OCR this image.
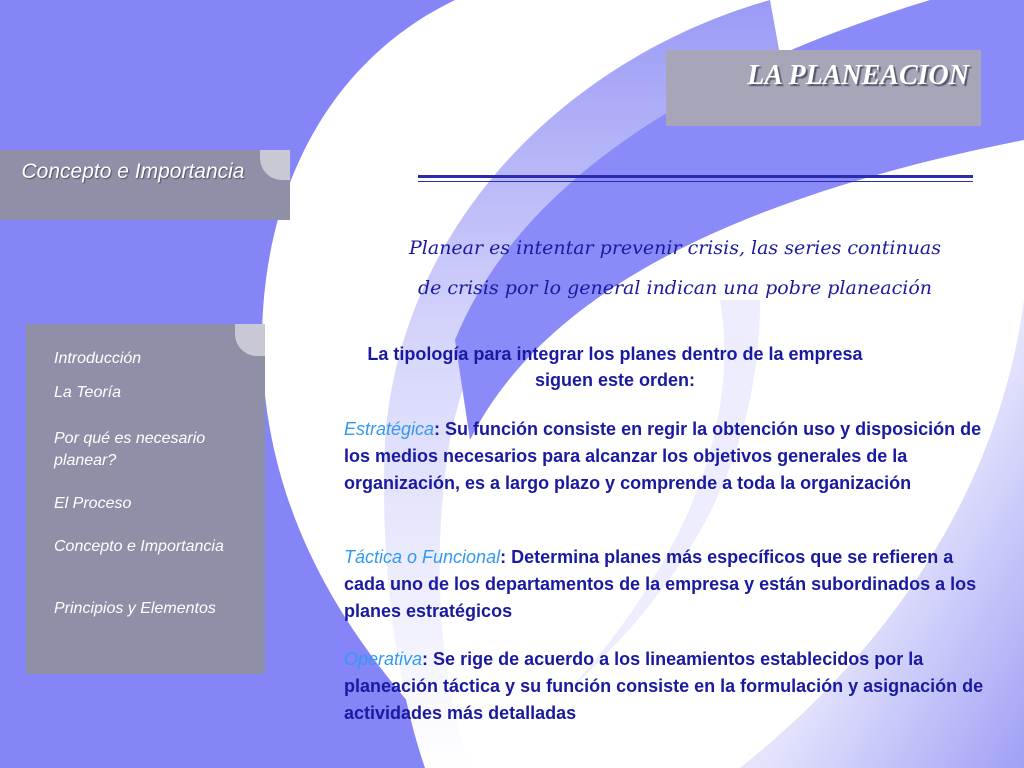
LA PLANEACION
Concepto e Importancia
Planear es intentar prevenir crisis, las series continuas
de crisis por lo general indican una pobre planeación
Introducción
La Teoría
Por qué es necesario planear?
El Proceso
Concepto e Importancia
Principios y Elementos
La tipología para integrar los planes dentro de la empresa siguen este orden:
Estratégica: Su función consiste en regir la obtención uso y disposición de los medios necesarios para alcanzar los objetivos generales de la organización, es a largo plazo y comprende a toda la organización
Táctica o Funcional: Determina planes más específicos que se refieren a cada uno de los departamentos de la empresa y están subordinados a los planes estratégicos
Operativa: Se rige de acuerdo a los lineamientos establecidos por la planeación táctica y su función consiste en la formulación y asignación de actividades más detalladas
